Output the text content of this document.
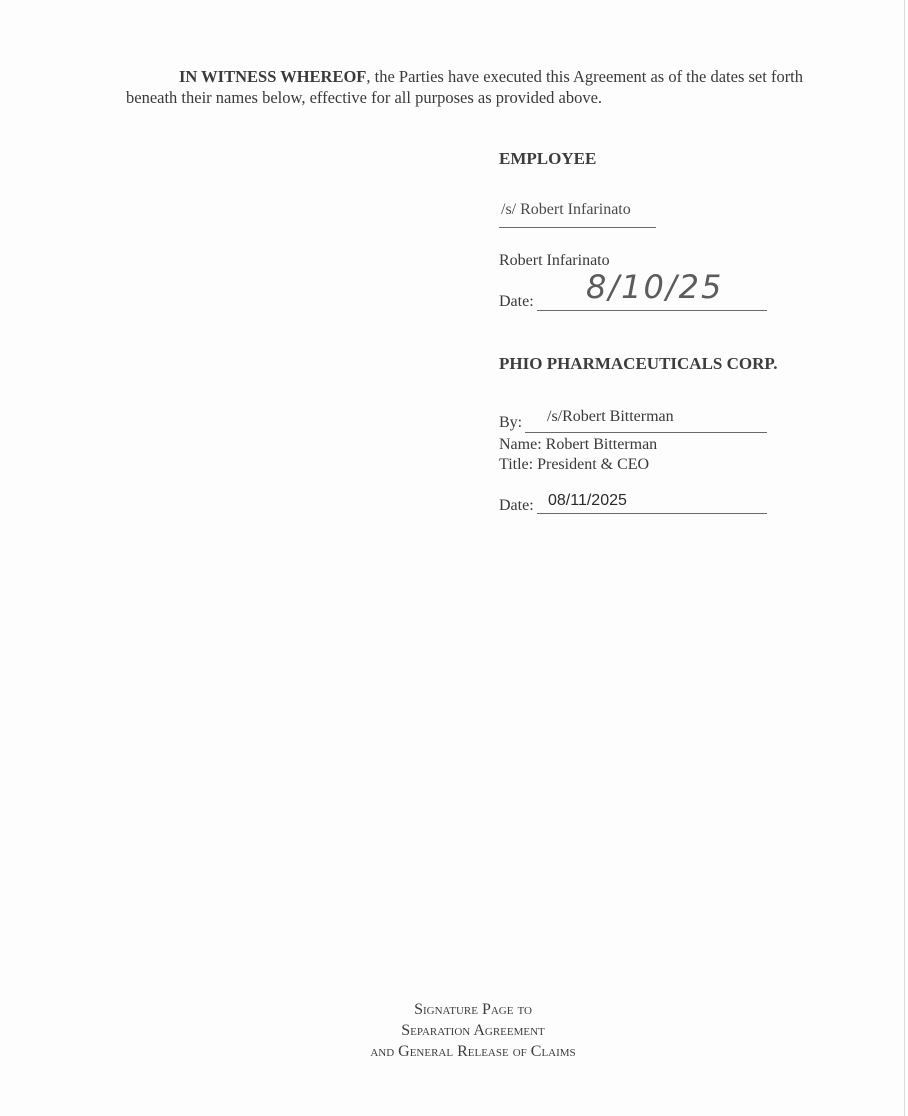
IN WITNESS WHEREOF, the Parties have executed this Agreement as of the dates set forth beneath their names below, effective for all purposes as provided above.
EMPLOYEE
/s/ Robert Infarinato
Robert Infarinato
Date: 8/10/25
PHIO PHARMACEUTICALS CORP.
By: /s/Robert Bitterman
Name: Robert Bitterman
Title: President & CEO
Date: 08/11/2025
Signature Page to
Separation Agreement
and General Release of Claims
